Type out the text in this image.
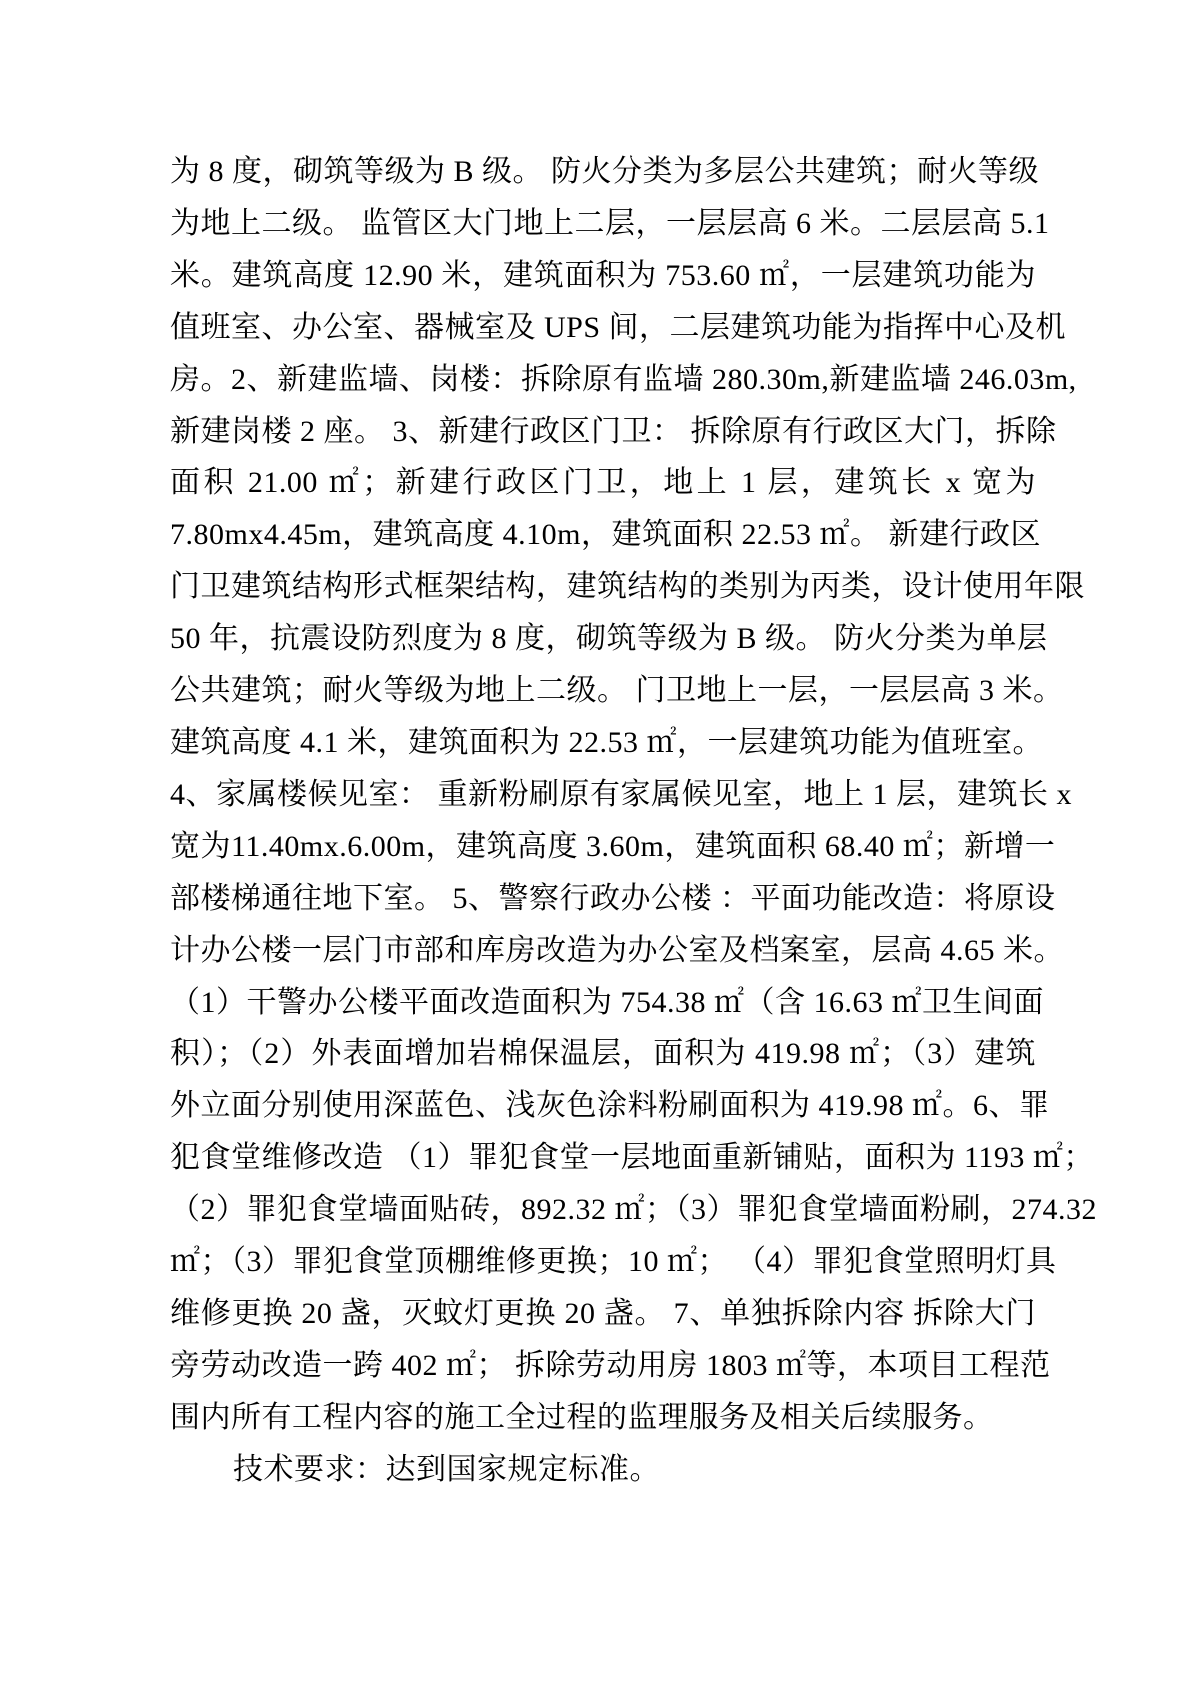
为 8 度，砌筑等级为 B 级。 防火分类为多层公共建筑；耐火等级
为地上二级。 监管区大门地上二层，一层层高 6 米。二层层高 5.1
米。建筑高度 12.90 米，建筑面积为 753.60 ㎡，一层建筑功能为
值班室、办公室、器械室及 UPS 间，二层建筑功能为指挥中心及机
房。2、新建监墙、岗楼：拆除原有监墙 280.30m,新建监墙 246.03m,
新建岗楼 2 座。 3、新建行政区门卫： 拆除原有行政区大门，拆除
面积 21.00 ㎡；新建行政区门卫，地上 1 层，建筑长 x 宽为
7.80mx4.45m，建筑高度 4.10m，建筑面积 22.53 ㎡。 新建行政区
门卫建筑结构形式框架结构，建筑结构的类别为丙类，设计使用年限
50 年，抗震设防烈度为 8 度，砌筑等级为 B 级。 防火分类为单层
公共建筑；耐火等级为地上二级。 门卫地上一层，一层层高 3 米。
建筑高度 4.1 米，建筑面积为 22.53 ㎡，一层建筑功能为值班室。
4、家属楼候见室： 重新粉刷原有家属候见室，地上 1 层，建筑长 x
宽为11.40mx.6.00m，建筑高度 3.60m，建筑面积 68.40 ㎡；新增一
部楼梯通往地下室。 5、警察行政办公楼 ：平面功能改造：将原设
计办公楼一层门市部和库房改造为办公室及档案室，层高 4.65 米。
（1）干警办公楼平面改造面积为 754.38 ㎡（含 16.63 ㎡卫生间面
积）；（2）外表面增加岩棉保温层，面积为 419.98 ㎡；（3）建筑
外立面分别使用深蓝色、浅灰色涂料粉刷面积为 419.98 ㎡。6、罪
犯食堂维修改造 （1）罪犯食堂一层地面重新铺贴，面积为 1193 ㎡；
（2）罪犯食堂墙面贴砖，892.32 ㎡；（3）罪犯食堂墙面粉刷，274.32
㎡；（3）罪犯食堂顶棚维修更换；10 ㎡； （4）罪犯食堂照明灯具
维修更换 20 盏，灭蚊灯更换 20 盏。 7、单独拆除内容 拆除大门
旁劳动改造一跨 402 ㎡； 拆除劳动用房 1803 ㎡等，本项目工程范
围内所有工程内容的施工全过程的监理服务及相关后续服务。
技术要求：达到国家规定标准。
